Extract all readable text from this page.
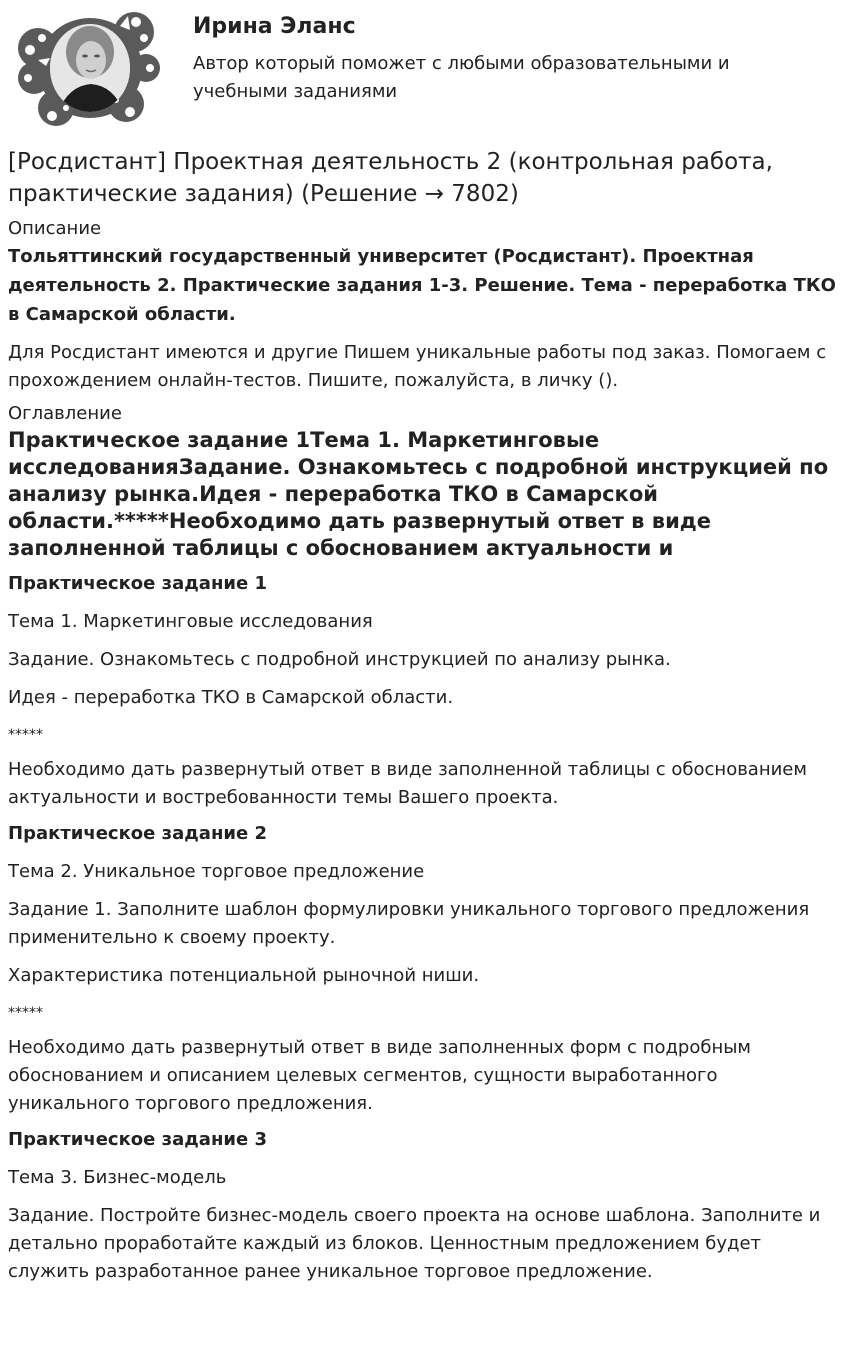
Ирина Эланс
Автор который поможет с любыми образовательными и учебными заданиями
[Росдистант] Проектная деятельность 2 (контрольная работа, практические задания) (Решение → 7802)
Описание

Тольяттинский государственный университет (Росдистант). Проектная деятельность 2. Практические задания 1-3. Решение. Тема - переработка ТКО в Самарской области.

Для Росдистант имеются и другие Пишем уникальные работы под заказ. Помогаем с прохождением онлайн-тестов. Пишите, пожалуйста, в личку ().

Оглавление

Практическое задание 1Тема 1. Маркетинговые исследованияЗадание. Ознакомьтесь с подробной инструкцией по анализу рынка.Идея - переработка ТКО в Самарской области.*****Необходимо дать развернутый ответ в виде заполненной таблицы с обоснованием актуальности и

Практическое задание 1

Тема 1. Маркетинговые исследования

Задание. Ознакомьтесь с подробной инструкцией по анализу рынка.

Идея - переработка ТКО в Самарской области.

*****

Необходимо дать развернутый ответ в виде заполненной таблицы с обоснованием актуальности и востребованности темы Вашего проекта.

Практическое задание 2

Тема 2. Уникальное торговое предложение

Задание 1. Заполните шаблон формулировки уникального торгового предложения применительно к своему проекту.

Характеристика потенциальной рыночной ниши.

*****

Необходимо дать развернутый ответ в виде заполненных форм с подробным обоснованием и описанием целевых сегментов, сущности выработанного уникального торгового предложения.

Практическое задание 3

Тема 3. Бизнес-модель

Задание. Постройте бизнес-модель своего проекта на основе шаблона. Заполните и детально проработайте каждый из блоков. Ценностным предложением будет служить разработанное ранее уникальное торговое предложение.
